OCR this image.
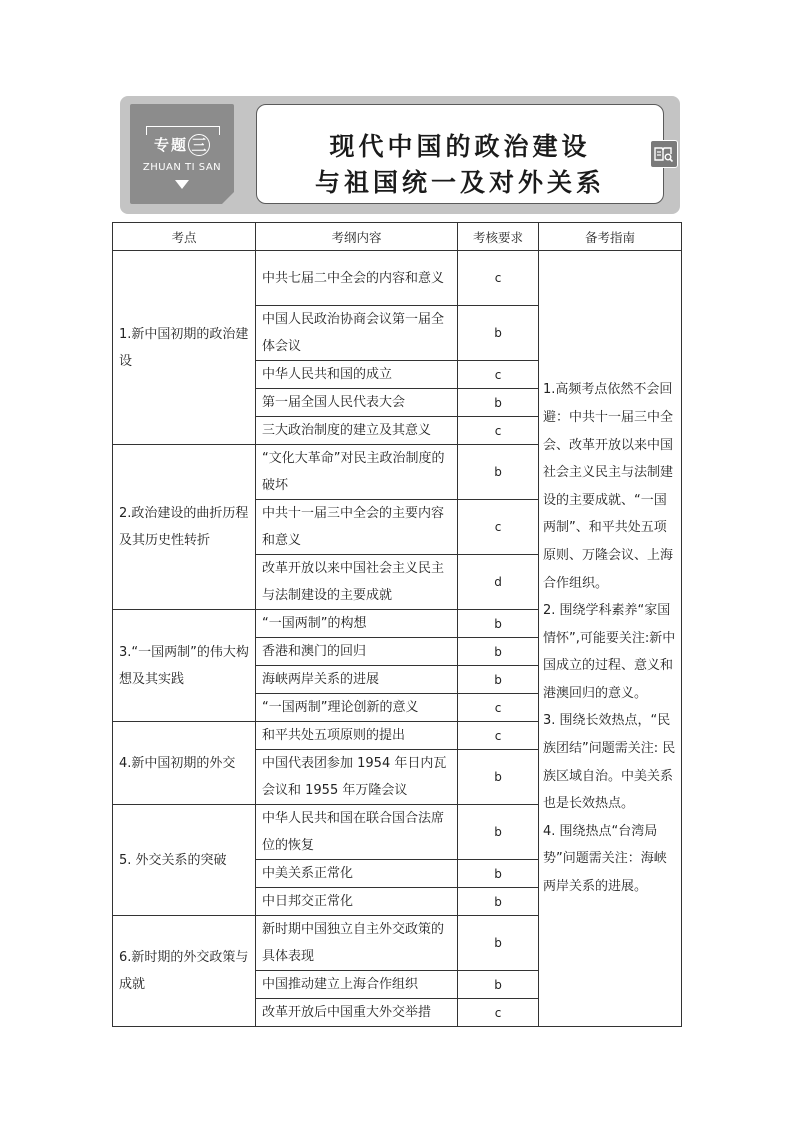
专题 三
ZHUAN TI SAN
现代中国的政治建设
与祖国统一及对外关系
考点	考纲内容	考核要求	备考指南
1.新中国初期的政治建设	中共七届二中全会的内容和意义	c	1.高频考点依然不会回避：中共十一届三中全会、改革开放以来中国社会主义民主与法制建设的主要成就、“一国两制”、和平共处五项原则、万隆会议、上海合作组织。
2. 围绕学科素养“家国情怀”,可能要关注:新中国成立的过程、意义和港澳回归的意义。
3. 围绕长效热点，“民族团结”问题需关注: 民族区域自治。中美关系也是长效热点。
4. 围绕热点“台湾局势”问题需关注：海峡两岸关系的进展。

	中国人民政治协商会议第一届全体会议	b	
	中华人民共和国的成立	c	
	第一届全国人民代表大会	b	
	三大政治制度的建立及其意义	c	
2.政治建设的曲折历程及其历史性转折	“文化大革命”对民主政治制度的破坏	b	
	中共十一届三中全会的主要内容和意义	c	
	改革开放以来中国社会主义民主与法制建设的主要成就	d	
3.“一国两制”的伟大构想及其实践	“一国两制”的构想	b	
	香港和澳门的回归	b	
	海峡两岸关系的进展	b	
	“一国两制”理论创新的意义	c	
4.新中国初期的外交	和平共处五项原则的提出	c	
	中国代表团参加 1954 年日内瓦会议和 1955 年万隆会议	b	
5. 外交关系的突破	中华人民共和国在联合国合法席位的恢复	b	
	中美关系正常化	b	
	中日邦交正常化	b	
6.新时期的外交政策与成就	新时期中国独立自主外交政策的具体表现	b	
	中国推动建立上海合作组织	b	
	改革开放后中国重大外交举措	c	
